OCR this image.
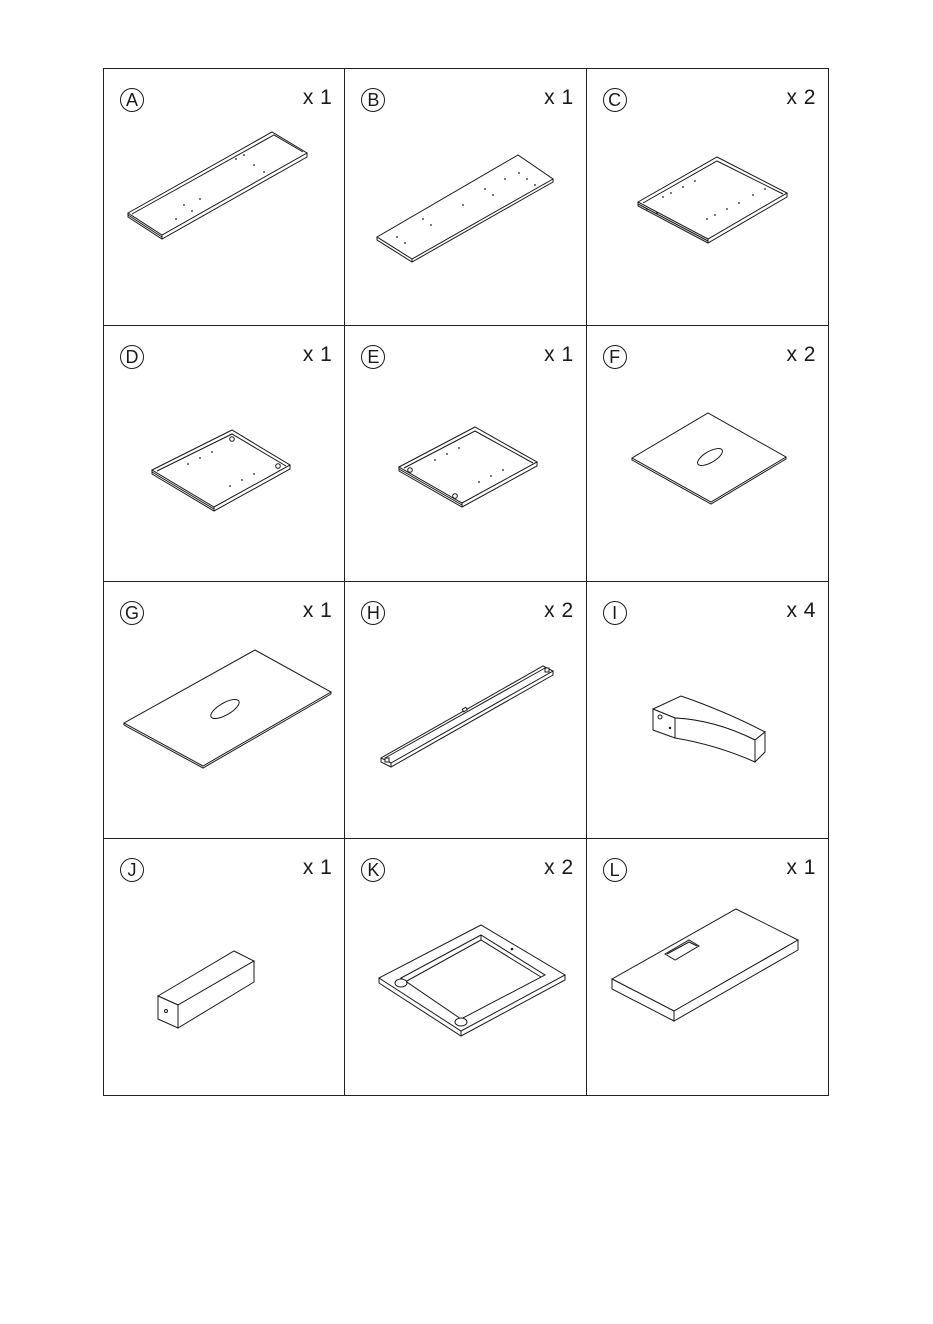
A	x 1	B	x 1	C	x 2
D	x 1	E	x 1	F	x 2
G	x 1	H	x 2	I	x 4
J	x 1	K	x 2	L	x 1
